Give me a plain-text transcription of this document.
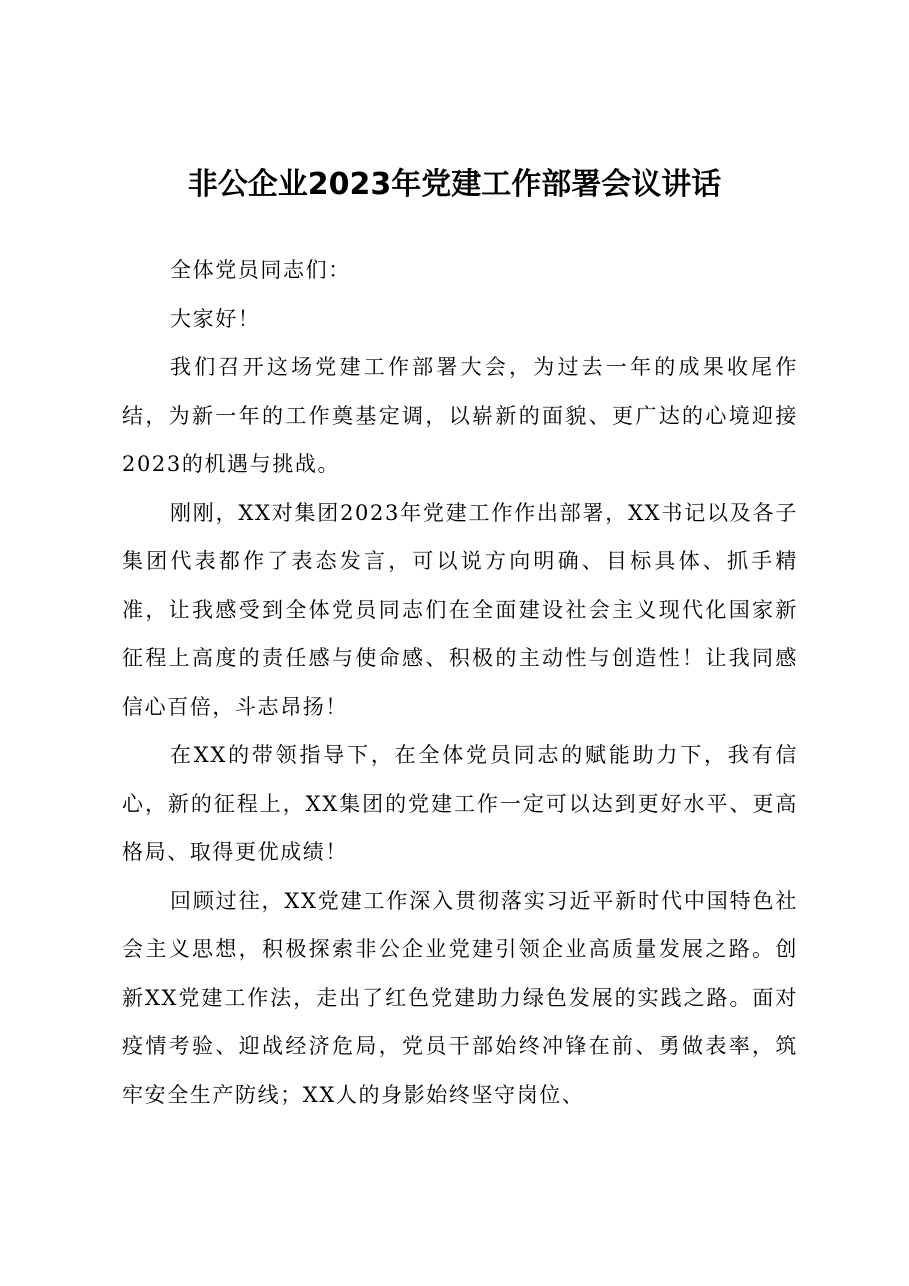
非公企业2023年党建工作部署会议讲话

全体党员同志们：

大家好！

我们召开这场党建工作部署大会，为过去一年的成果收尾作结，为新一年的工作奠基定调，以崭新的面貌、更广达的心境迎接2023的机遇与挑战。

刚刚，XX对集团2023年党建工作作出部署，XX书记以及各子集团代表都作了表态发言，可以说方向明确、目标具体、抓手精准，让我感受到全体党员同志们在全面建设社会主义现代化国家新征程上高度的责任感与使命感、积极的主动性与创造性！让我同感信心百倍，斗志昂扬！

在XX的带领指导下，在全体党员同志的赋能助力下，我有信心，新的征程上，XX集团的党建工作一定可以达到更好水平、更高格局、取得更优成绩！

回顾过往，XX党建工作深入贯彻落实习近平新时代中国特色社会主义思想，积极探索非公企业党建引领企业高质量发展之路。创新XX党建工作法，走出了红色党建助力绿色发展的实践之路。面对疫情考验、迎战经济危局，党员干部始终冲锋在前、勇做表率，筑牢安全生产防线；XX人的身影始终坚守岗位、
